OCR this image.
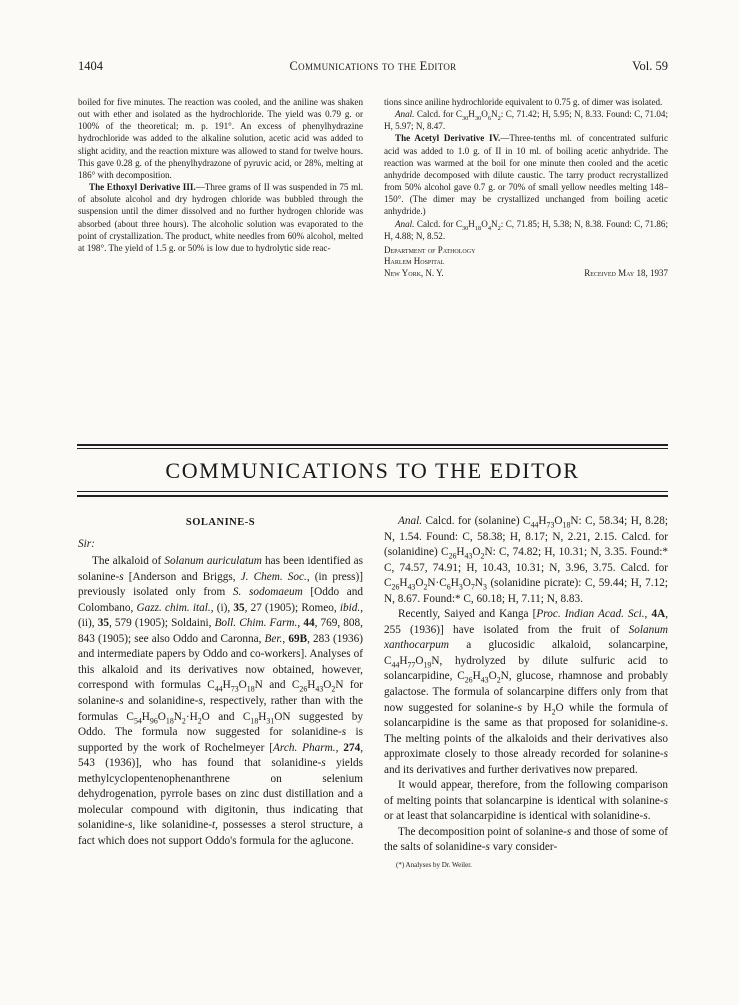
1404	Communications to the Editor	Vol. 59

boiled for five minutes. The reaction was cooled, and the aniline was shaken out with ether and isolated as the hydrochloride. The yield was 0.79 g. or 100% of the theoretical; m. p. 191°. An excess of phenylhydrazine hydrochloride was added to the alkaline solution, acetic acid was added to slight acidity, and the reaction mixture was allowed to stand for twelve hours. This gave 0.28 g. of the phenylhydrazone of pyruvic acid, or 28%, melting at 186° with decomposition.

The Ethoxyl Derivative III.—Three grams of II was suspended in 75 ml. of absolute alcohol and dry hydrogen chloride was bubbled through the suspension until the dimer dissolved and no further hydrogen chloride was absorbed (about three hours). The alcoholic solution was evaporated to the point of crystallization. The product, white needles from 60% alcohol, melted at 198°. The yield of 1.5 g. or 50% is low due to hydrolytic side reac-

tions since aniline hydrochloride equivalent to 0.75 g. of dimer was isolated.

Anal. Calcd. for $C_{30}H_{30}O_6N_2$: C, 71.42; H, 5.95; N, 8.33. Found: C, 71.04; H, 5.97; N, 8.47.

The Acetyl Derivative IV.—Three-tenths ml. of concentrated sulfuric acid was added to 1.0 g. of II in 10 ml. of boiling acetic anhydride. The reaction was warmed at the boil for one minute then cooled and the acetic anhydride decomposed with dilute caustic. The tarry product recrystallized from 50% alcohol gave 0.7 g. or 70% of small yellow needles melting 148–150°. (The dimer may be crystallized unchanged from boiling acetic anhydride.)

Anal. Calcd. for $C_{30}H_{18}O_4N_2$: C, 71.85; H, 5.38; N, 8.38. Found: C, 71.86; H, 4.88; N, 8.52.

Department of Pathology
Harlem Hospital
New York, N. Y.	Received May 18, 1937
COMMUNICATIONS TO THE EDITOR
SOLANINE-S
Sir:

The alkaloid of Solanum auriculatum has been identified as solanine-s [Anderson and Briggs, J. Chem. Soc., (in press)] previously isolated only from S. sodomaeum [Oddo and Colombano, Gazz. chim. ital., (i), 35, 27 (1905); Romeo, ibid., (ii), 35, 579 (1905); Soldaini, Boll. Chim. Farm., 44, 769, 808, 843 (1905); see also Oddo and Caronna, Ber., 69B, 283 (1936) and intermediate papers by Oddo and co-workers]. Analyses of this alkaloid and its derivatives now obtained, however, correspond with formulas $C_{44}H_{73}O_{18}N$ and $C_{26}H_{43}O_2N$ for solanine-s and solanidine-s, respectively, rather than with the formulas $C_{54}H_{96}O_{18}N_2\cdot H_2O$ and $C_{18}H_{31}ON$ suggested by Oddo. The formula now suggested for solanidine-s is supported by the work of Rochelmeyer [Arch. Pharm., 274, 543 (1936)], who has found that solanidine-s yields methylcyclopentenophenanthrene on selenium dehydrogenation, pyrrole bases on zinc dust distillation and a molecular compound with digitonin, thus indicating that solanidine-s, like solanidine-t, possesses a sterol structure, a fact which does not support Oddo's formula for the aglucone.

Anal. Calcd. for (solanine) $C_{44}H_{73}O_{18}N$: C, 58.34; H, 8.28; N, 1.54. Found: C, 58.38; H, 8.17; N, 2.21, 2.15. Calcd. for (solanidine) $C_{26}H_{43}O_2N$: C, 74.82; H, 10.31; N, 3.35. Found:* C, 74.57, 74.91; H, 10.43, 10.31; N, 3.96, 3.75. Calcd. for $C_{26}H_{43}O_2N\cdot C_6H_3O_7N_3$ (solanidine picrate): C, 59.44; H, 7.12; N, 8.67. Found:* C, 60.18; H, 7.11; N, 8.83.

Recently, Saiyed and Kanga [Proc. Indian Acad. Sci., 4A, 255 (1936)] have isolated from the fruit of Solanum xanthocarpum a glucosidic alkaloid, solancarpine, $C_{44}H_{77}O_{19}N$, hydrolyzed by dilute sulfuric acid to solancarpidine, $C_{26}H_{43}O_2N$, glucose, rhamnose and probably galactose. The formula of solancarpine differs only from that now suggested for solanine-s by $H_2O$ while the formula of solancarpidine is the same as that proposed for solanidine-s. The melting points of the alkaloids and their derivatives also approximate closely to those already recorded for solanine-s and its derivatives and further derivatives now prepared.

It would appear, therefore, from the following comparison of melting points that solancarpine is identical with solanine-s or at least that solancarpidine is identical with solanidine-s.

The decomposition point of solanine-s and those of some of the salts of solanidine-s vary consider-

(*) Analyses by Dr. Weiler.
